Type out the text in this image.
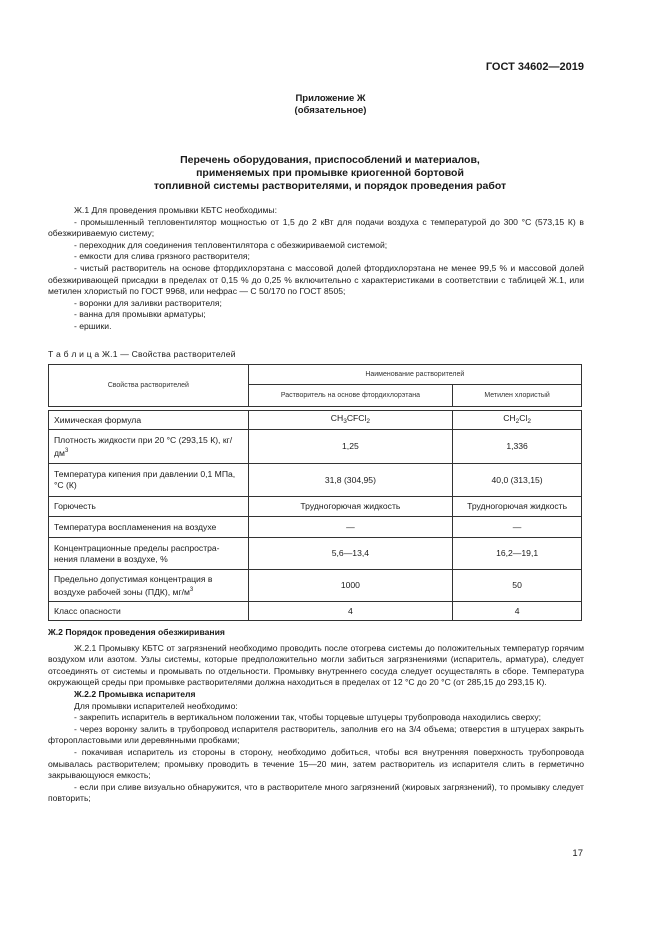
ГОСТ 34602—2019
Приложение Ж
(обязательное)
Перечень оборудования, приспособлений и материалов,
применяемых при промывке криогенной бортовой
топливной системы растворителями, и порядок проведения работ

Ж.1 Для проведения промывки КБТС необходимы:

- промышленный тепловентилятор мощностью от 1,5 до 2 кВт для подачи воздуха с температурой до 300 °С (573,15 К) в обезжириваемую систему;

- переходник для соединения тепловентилятора с обезжириваемой системой;

- емкости для слива грязного растворителя;

- чистый растворитель на основе фтордихлорэтана с массовой долей фтордихлорэтана не менее 99,5 % и массовой долей обезжиривающей присадки в пределах от 0,15 % до 0,25 % включительно с характеристиками в соответствии с таблицей Ж.1, или метилен хлористый по ГОСТ 9968, или нефрас — С 50/170 по ГОСТ 8505;

- воронки для заливки растворителя;

- ванна для промывки арматуры;

- ершики.

Т а б л и ц а Ж.1 — Свойства растворителей
Свойства растворителей	Наименование растворителей	
	Растворитель на основе фтордихлорэтана	Метилен хлористый

Химическая формула	$CH_3CFCl_2$	$CH_2Cl_2$
Плотность жидкости при 20 °С (293,15 К), $кг/дм^3$	1,25	1,336
Температура кипения при давлении 0,1 МПа, °С (К)	31,8 (304,95)	40,0 (313,15)
Горючесть	Трудногорючая жидкость	Трудногорючая жидкость
Температура воспламенения на воздухе	—	—
Концентрационные пределы распростра-нения пламени в воздухе, %	5,6—13,4	16,2—19,1
Предельно допустимая концентрация в воздухе рабочей зоны (ПДК), $мг/м^3$	1000	50
Класс опасности	4	4

Ж.2 Порядок проведения обезжиривания

Ж.2.1 Промывку КБТС от загрязнений необходимо проводить после отогрева системы до положительных температур горячим воздухом или азотом. Узлы системы, которые предположительно могли забиться загрязнениями (испаритель, арматура), следует отсоединять от системы и промывать по отдельности. Промывку внутреннего сосуда следует осуществлять в сборе. Температура окружающей среды при промывке растворителями должна находиться в пределах от 12 °С до 20 °С (от 285,15 до 293,15 К).

Ж.2.2 Промывка испарителя

Для промывки испарителей необходимо:

- закрепить испаритель в вертикальном положении так, чтобы торцевые штуцеры трубопровода находились сверху;

- через воронку залить в трубопровод испарителя растворитель, заполнив его на 3/4 объема; отверстия в штуцерах закрыть фторопластовыми или деревянными пробками;

- покачивая испаритель из стороны в сторону, необходимо добиться, чтобы вся внутренняя поверхность трубопровода омывалась растворителем; промывку проводить в течение 15—20 мин, затем растворитель из испарителя слить в герметично закрывающуюся емкость;

- если при сливе визуально обнаружится, что в растворителе много загрязнений (жировых загрязнений), то промывку следует повторить;

17
